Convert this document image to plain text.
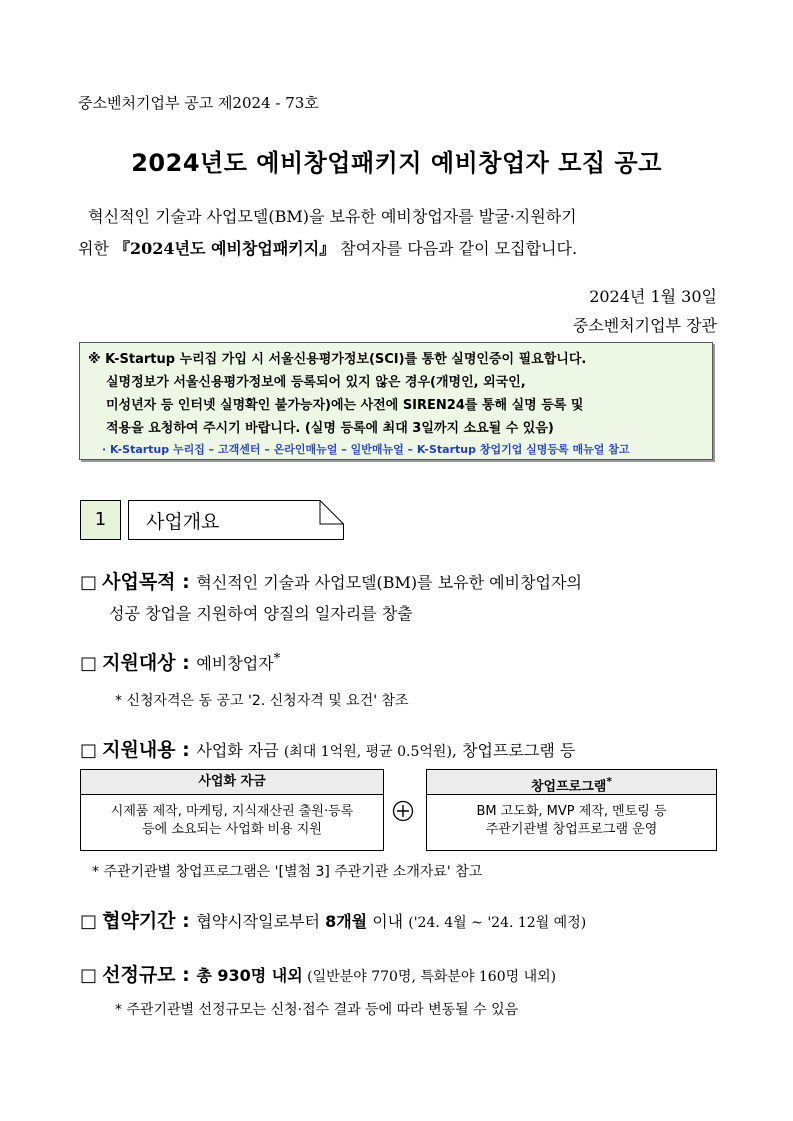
중소벤처기업부 공고 제2024 - 73호
2024년도 예비창업패키지 예비창업자 모집 공고
혁신적인 기술과 사업모델(BM)을 보유한 예비창업자를 발굴·지원하기
위한 『2024년도 예비창업패키지』 참여자를 다음과 같이 모집합니다.
2024년 1월 30일
중소벤처기업부 장관
※ K-Startup 누리집 가입 시 서울신용평가정보(SCI)를 통한 실명인증이 필요합니다.
실명정보가 서울신용평가정보에 등록되어 있지 않은 경우(개명인, 외국인,
미성년자 등 인터넷 실명확인 불가능자)에는 사전에 SIREN24를 통해 실명 등록 및
적용을 요청하여 주시기 바랍니다. (실명 등록에 최대 3일까지 소요될 수 있음)
· K-Startup 누리집 – 고객센터 – 온라인매뉴얼 – 일반매뉴얼 – K-Startup 창업기업 실명등록 매뉴얼 참고
1	사업개요
□ 사업목적 : 혁신적인 기술과 사업모델(BM)를 보유한 예비창업자의
성공 창업을 지원하여 양질의 일자리를 창출
□ 지원대상 : 예비창업자*
* 신청자격은 동 공고 '2. 신청자격 및 요건' 참조
□ 지원내용 : 사업화 자금 (최대 1억원, 평균 0.5억원), 창업프로그램 등
사업화 자금
시제품 제작, 마케팅, 지식재산권 출원·등록
등에 소요되는 사업화 비용 지원
창업프로그램*
BM 고도화, MVP 제작, 멘토링 등
주관기관별 창업프로그램 운영
* 주관기관별 창업프로그램은 '[별첨 3] 주관기관 소개자료' 참고
□ 협약기간 : 협약시작일로부터 8개월 이내 ('24. 4월 ~ '24. 12월 예정)
□ 선정규모 : 총 930명 내외 (일반분야 770명, 특화분야 160명 내외)
* 주관기관별 선정규모는 신청·접수 결과 등에 따라 변동될 수 있음
